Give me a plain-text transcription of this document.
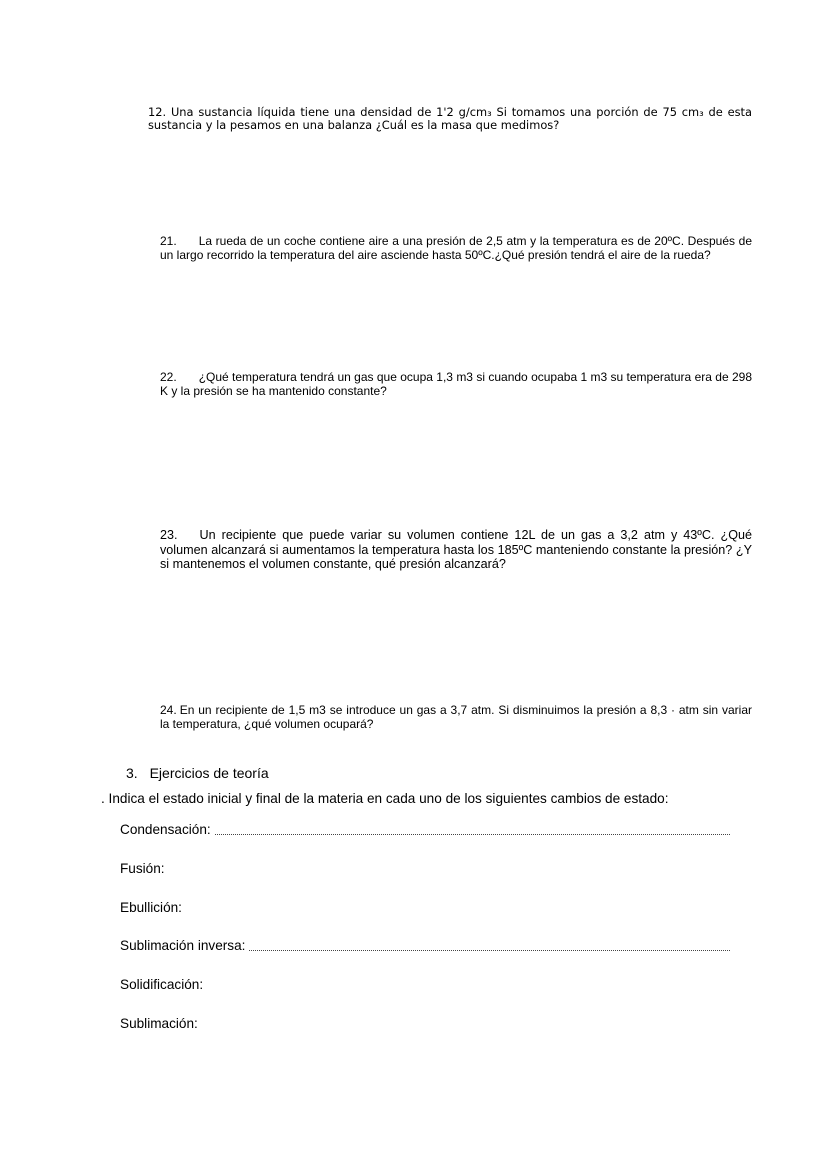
12. Una sustancia líquida tiene una densidad de 1'2 g/cm₃ Si tomamos una porción de 75 cm₃ de esta sustancia y la pesamos en una balanza ¿Cuál es la masa que medimos?
21. La rueda de un coche contiene aire a una presión de 2,5 atm y la temperatura es de 20ºC. Después de un largo recorrido la temperatura del aire asciende hasta 50ºC.¿Qué presión tendrá el aire de la rueda?
22. ¿Qué temperatura tendrá un gas que ocupa 1,3 m3 si cuando ocupaba 1 m3 su temperatura era de 298 K y la presión se ha mantenido constante?
23. Un recipiente que puede variar su volumen contiene 12L de un gas a 3,2 atm y 43ºC. ¿Qué volumen alcanzará si aumentamos la temperatura hasta los 185ºC manteniendo constante la presión? ¿Y si mantenemos el volumen constante, qué presión alcanzará?
24. En un recipiente de 1,5 m3 se introduce un gas a 3,7 atm. Si disminuimos la presión a 8,3 · atm sin variar la temperatura, ¿qué volumen ocupará?
3. Ejercicios de teoría
. Indica el estado inicial y final de la materia en cada uno de los siguientes cambios de estado:
Condensación:
Fusión:
Ebullición:
Sublimación inversa:
Solidificación:
Sublimación:
